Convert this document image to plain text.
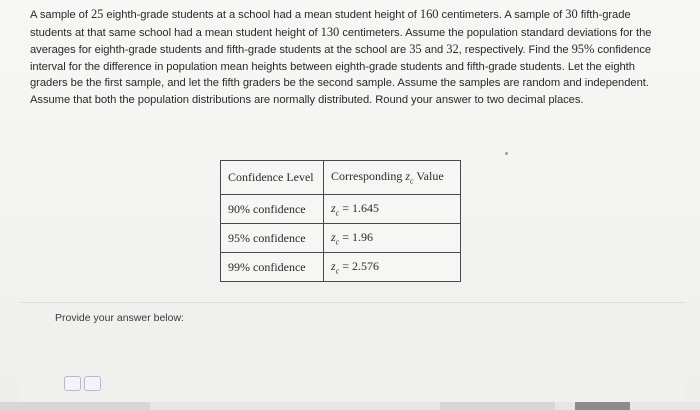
A sample of 25 eighth-grade students at a school had a mean student height of 160 centimeters. A sample of 30 fifth-grade students at that same school had a mean student height of 130 centimeters. Assume the population standard deviations for the averages for eighth-grade students and fifth-grade students at the school are 35 and 32, respectively. Find the 95% confidence interval for the difference in population mean heights between eighth-grade students and fifth-grade students. Let the eighth graders be the first sample, and let the fifth graders be the second sample. Assume the samples are random and independent. Assume that both the population distributions are normally distributed. Round your answer to two decimal places.
Confidence Level	Corresponding $z_c$ Value
90% confidence	$z_c = 1.645$
95% confidence	$z_c = 1.96$
99% confidence	$z_c = 2.576$
Provide your answer below:
